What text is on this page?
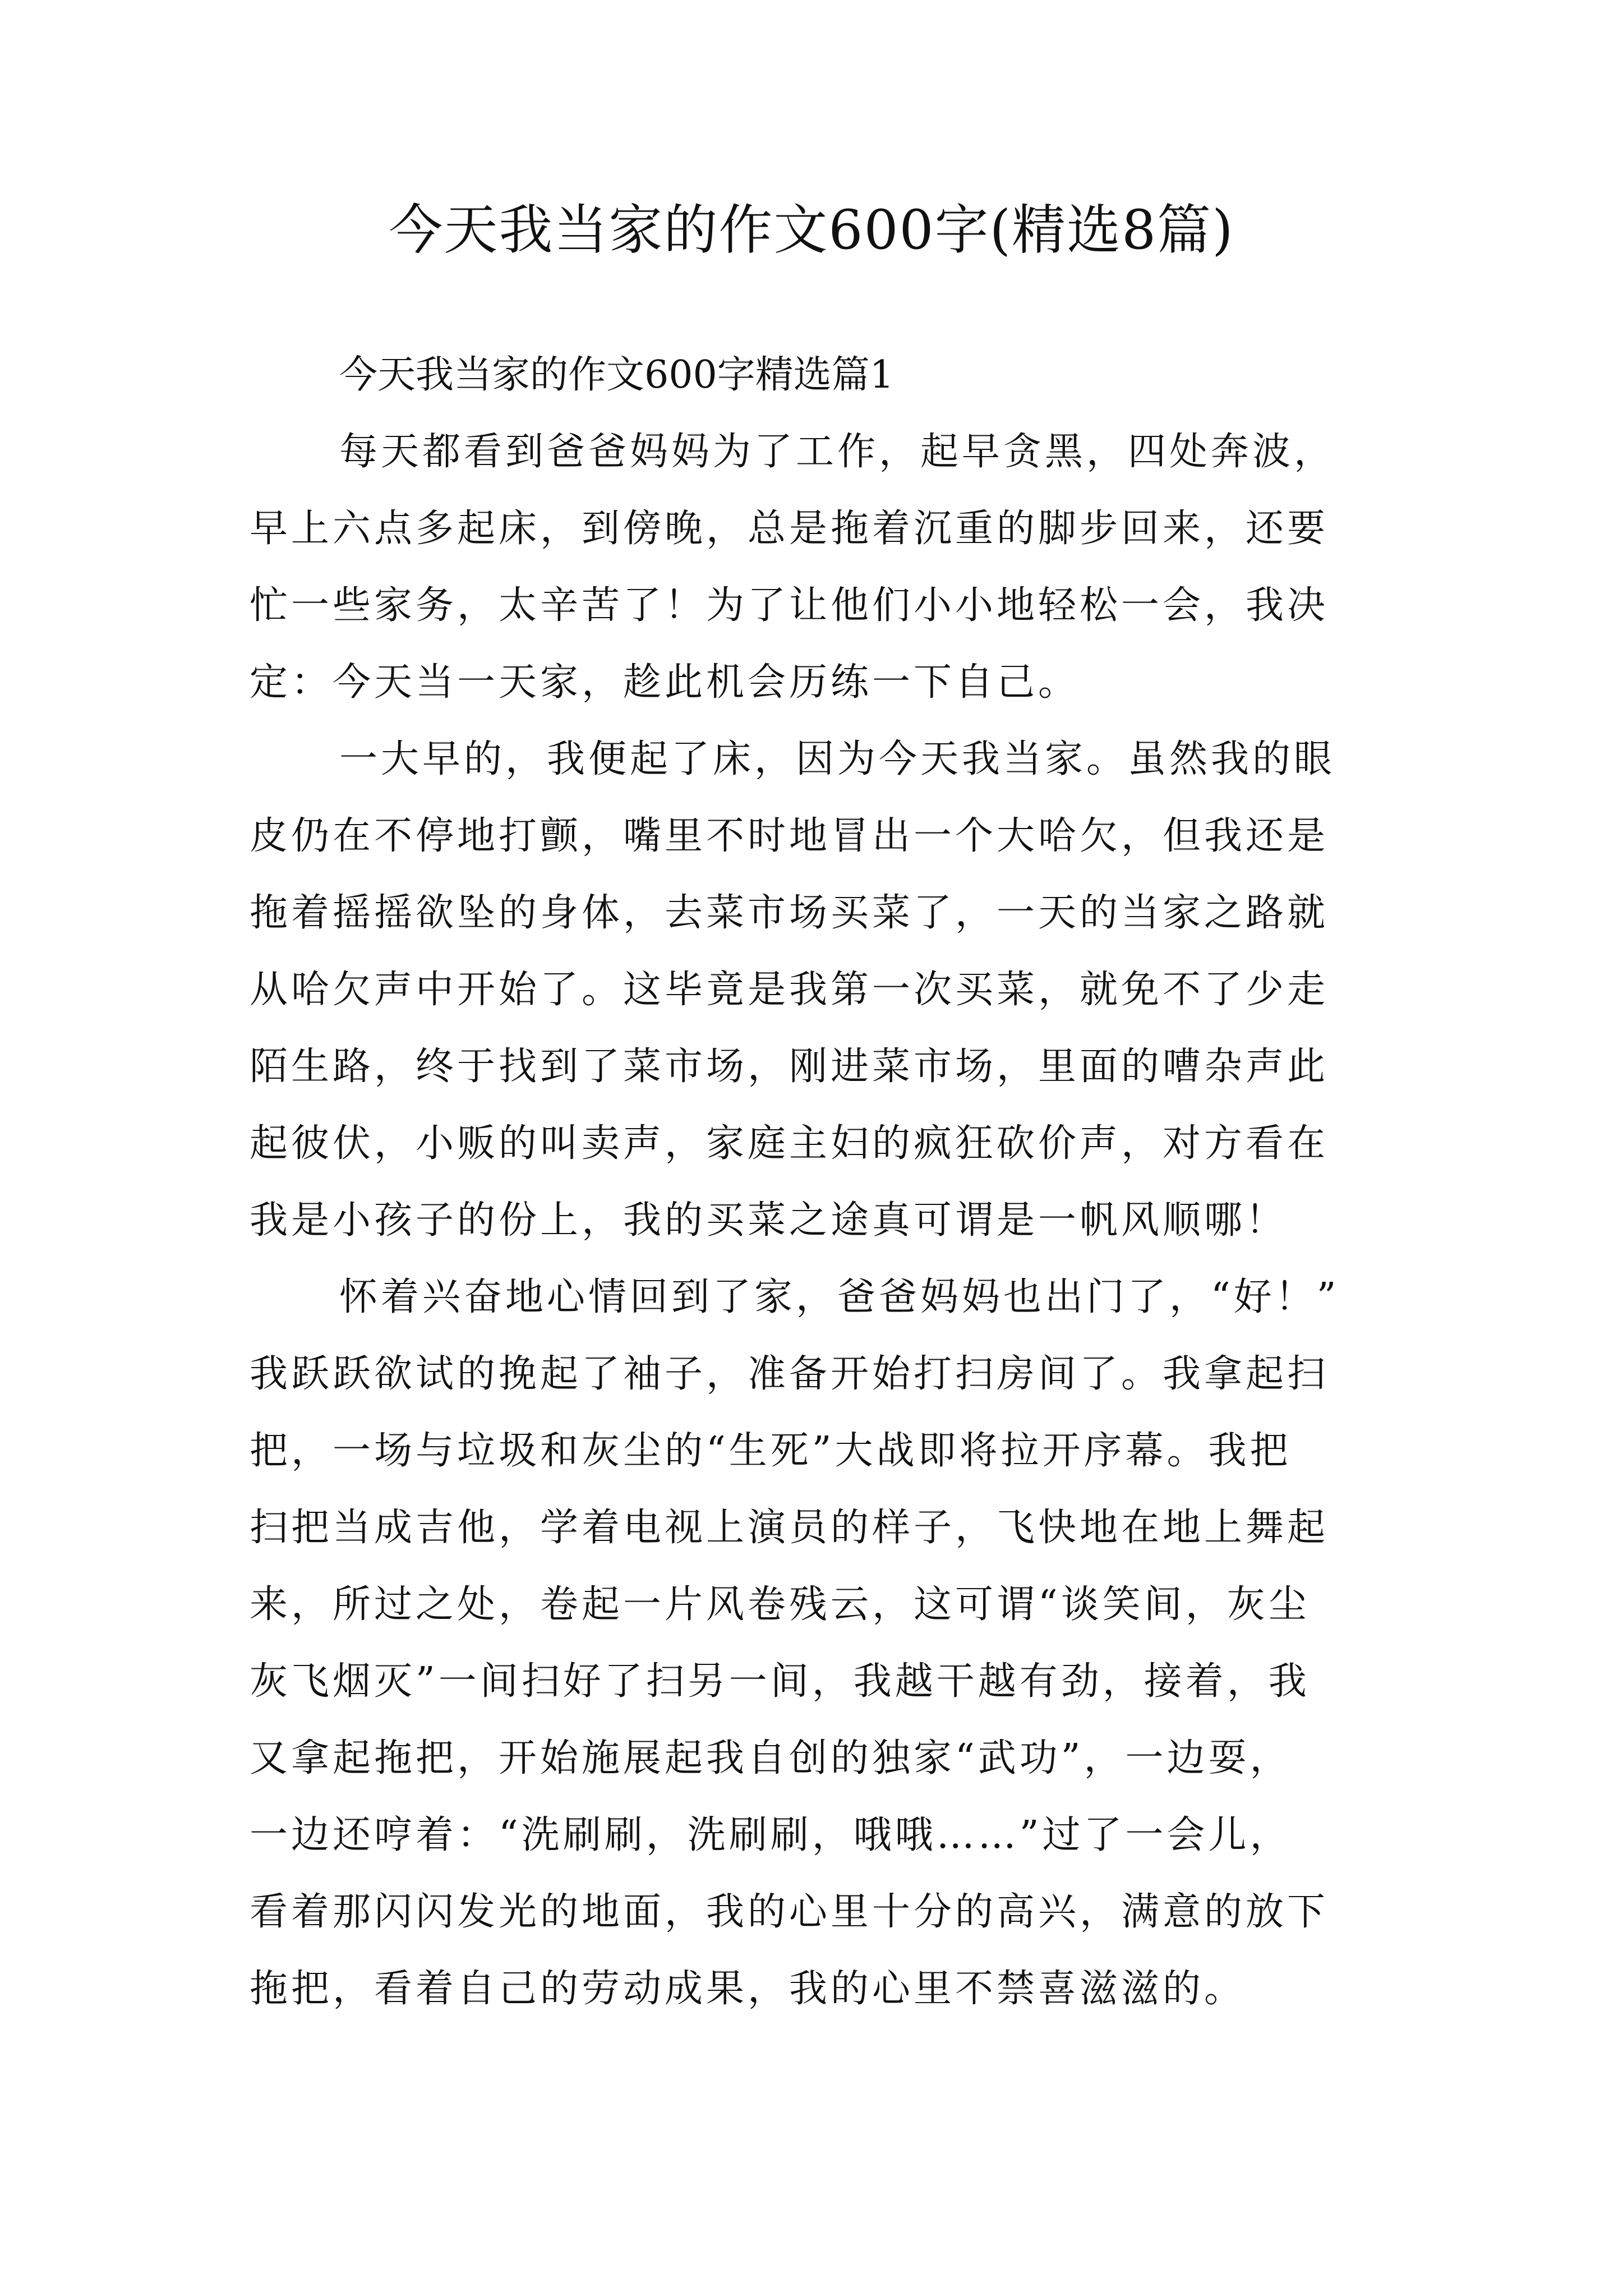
今天我当家的作文600字(精选8篇)

今天我当家的作文600字精选篇1

每天都看到爸爸妈妈为了工作，起早贪黑，四处奔波，

早上六点多起床，到傍晚，总是拖着沉重的脚步回来，还要

忙一些家务，太辛苦了！为了让他们小小地轻松一会，我决

定：今天当一天家，趁此机会历练一下自己。

一大早的，我便起了床，因为今天我当家。虽然我的眼

皮仍在不停地打颤，嘴里不时地冒出一个大哈欠，但我还是

拖着摇摇欲坠的身体，去菜市场买菜了，一天的当家之路就

从哈欠声中开始了。这毕竟是我第一次买菜，就免不了少走

陌生路，终于找到了菜市场，刚进菜市场，里面的嘈杂声此

起彼伏，小贩的叫卖声，家庭主妇的疯狂砍价声，对方看在

我是小孩子的份上，我的买菜之途真可谓是一帆风顺哪！

怀着兴奋地心情回到了家，爸爸妈妈也出门了，“好！”

我跃跃欲试的挽起了袖子，准备开始打扫房间了。我拿起扫

把，一场与垃圾和灰尘的“生死”大战即将拉开序幕。我把

扫把当成吉他，学着电视上演员的样子，飞快地在地上舞起

来，所过之处，卷起一片风卷残云，这可谓“谈笑间，灰尘

灰飞烟灭”一间扫好了扫另一间，我越干越有劲，接着，我

又拿起拖把，开始施展起我自创的独家“武功”，一边耍，

一边还哼着：“洗刷刷，洗刷刷，哦哦……”过了一会儿，

看着那闪闪发光的地面，我的心里十分的高兴，满意的放下

拖把，看着自己的劳动成果，我的心里不禁喜滋滋的。
